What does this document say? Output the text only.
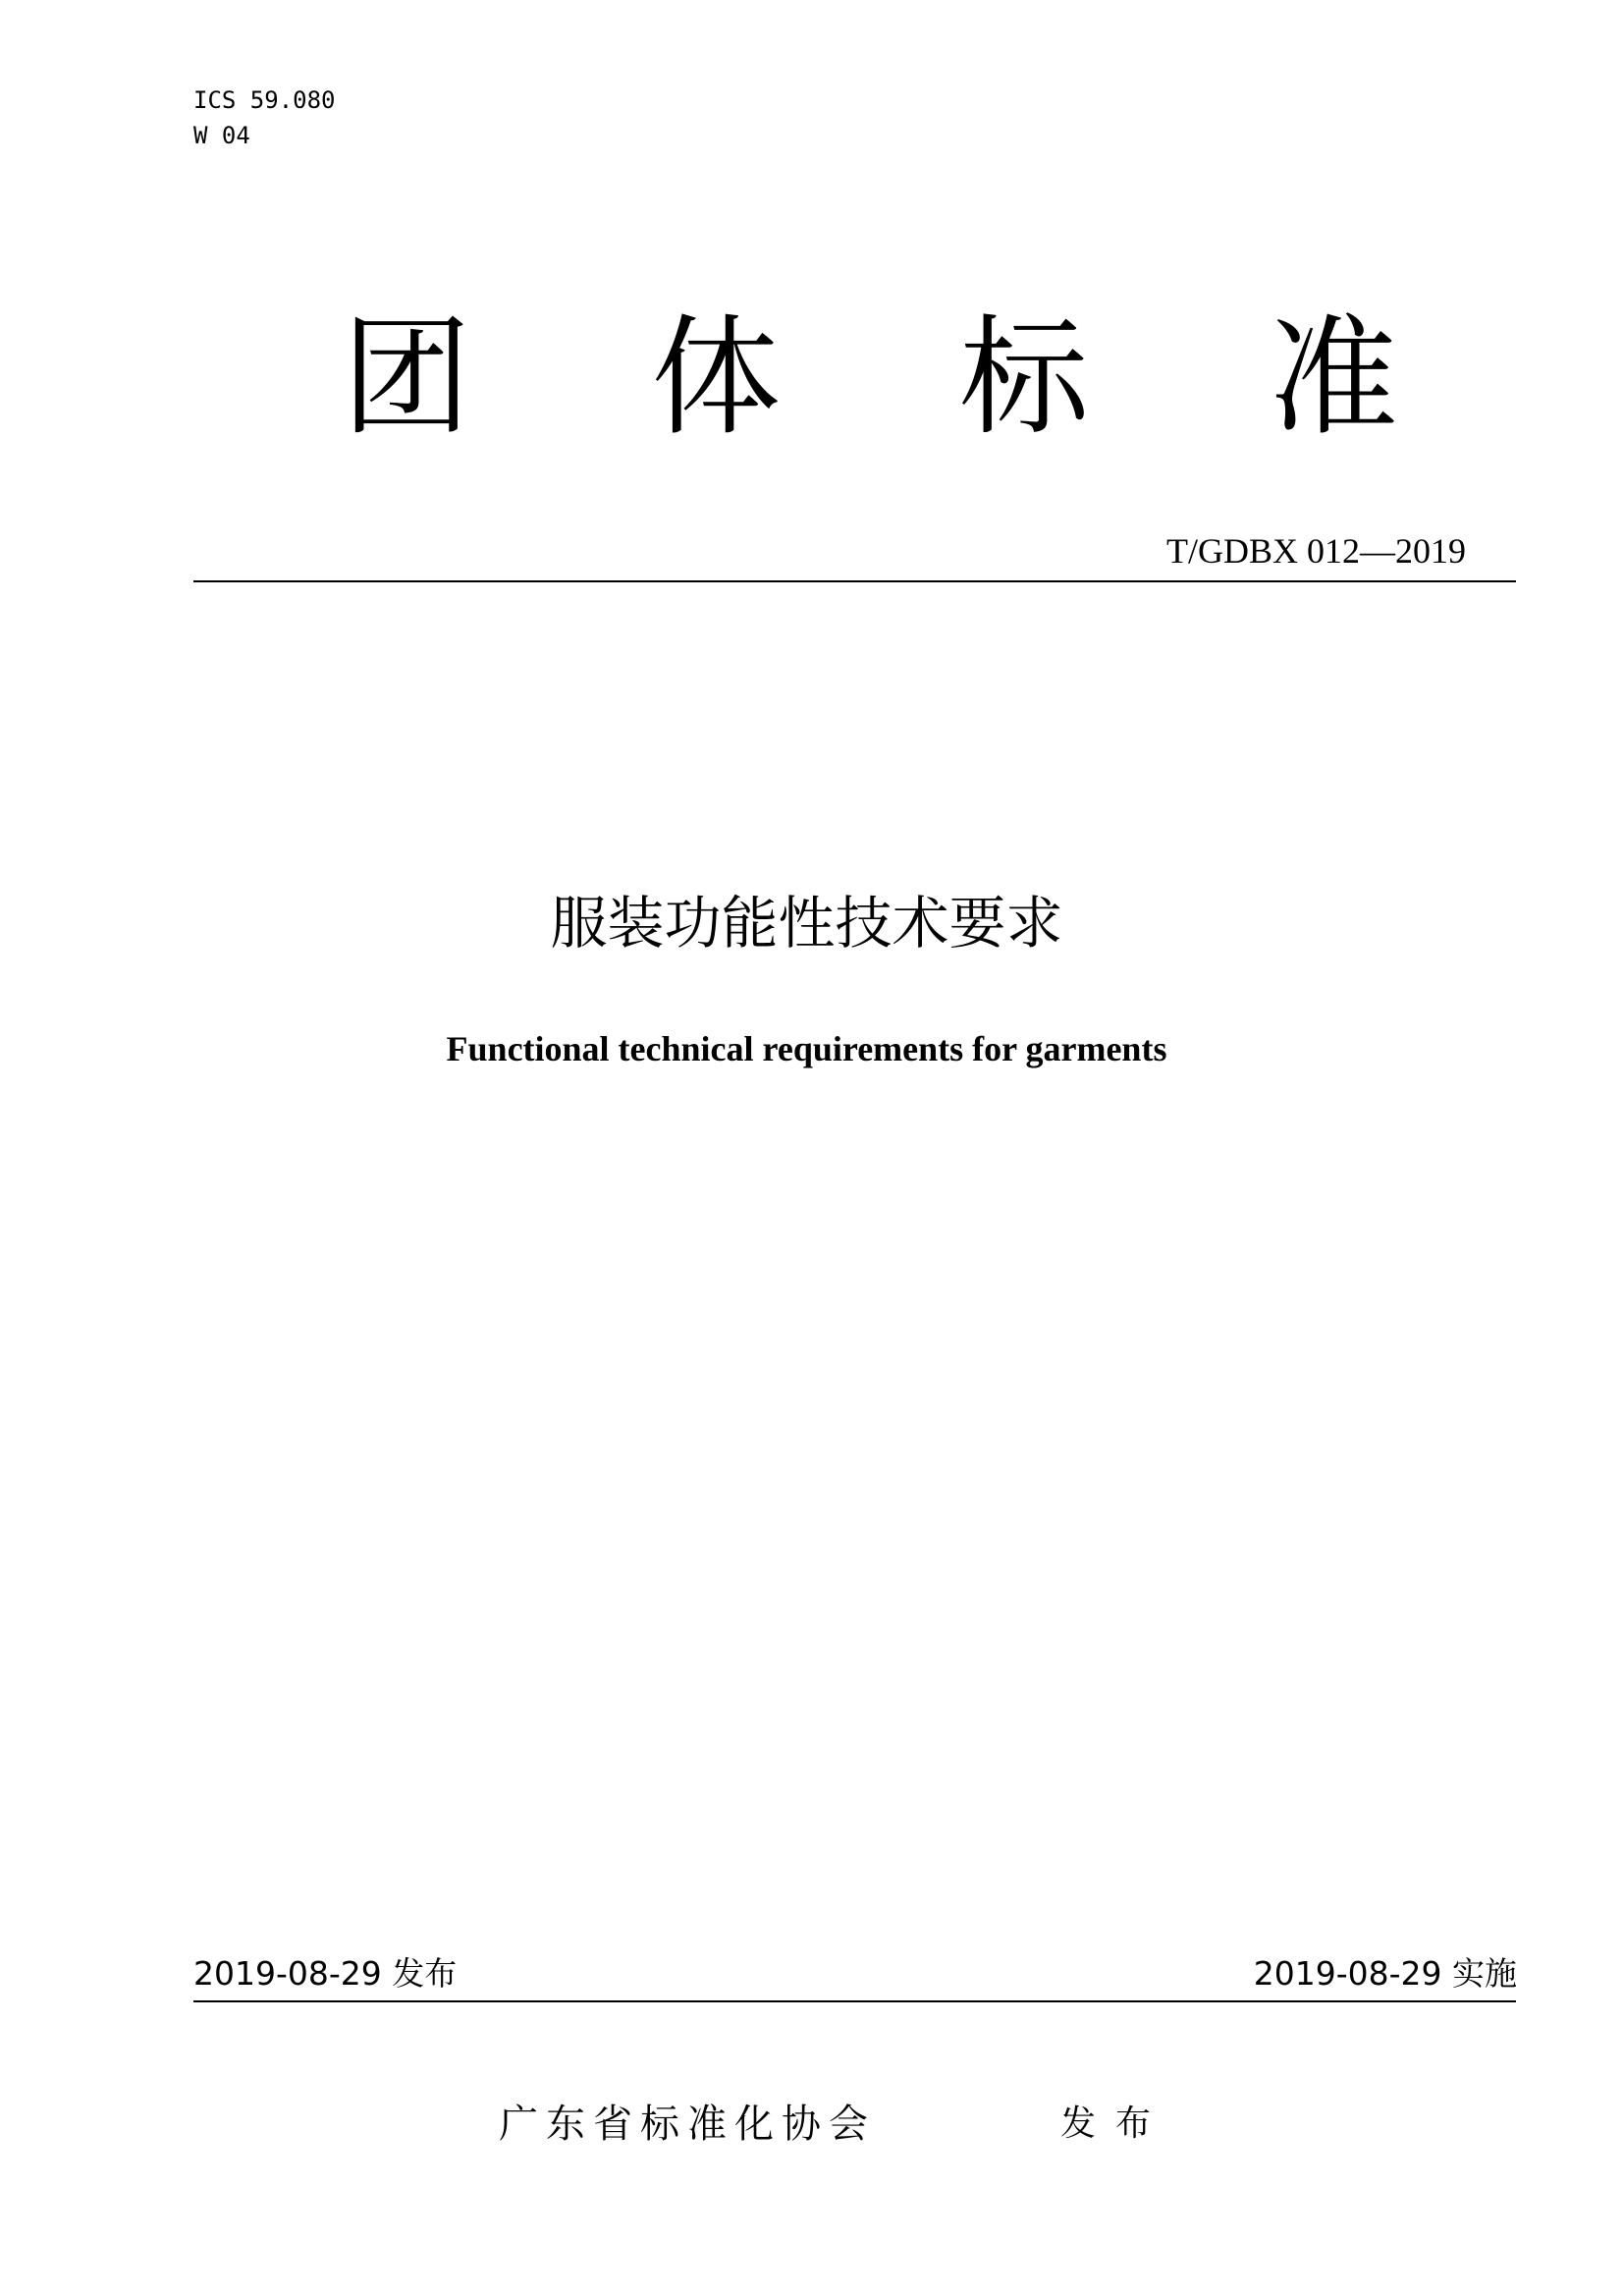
ICS 59.080
W 04
团 体 标 准
T/GDBX 012—2019
服装功能性技术要求
Functional technical requirements for garments
2019-08-29 发布	2019-08-29 实施
广东省标准化协会	发布
